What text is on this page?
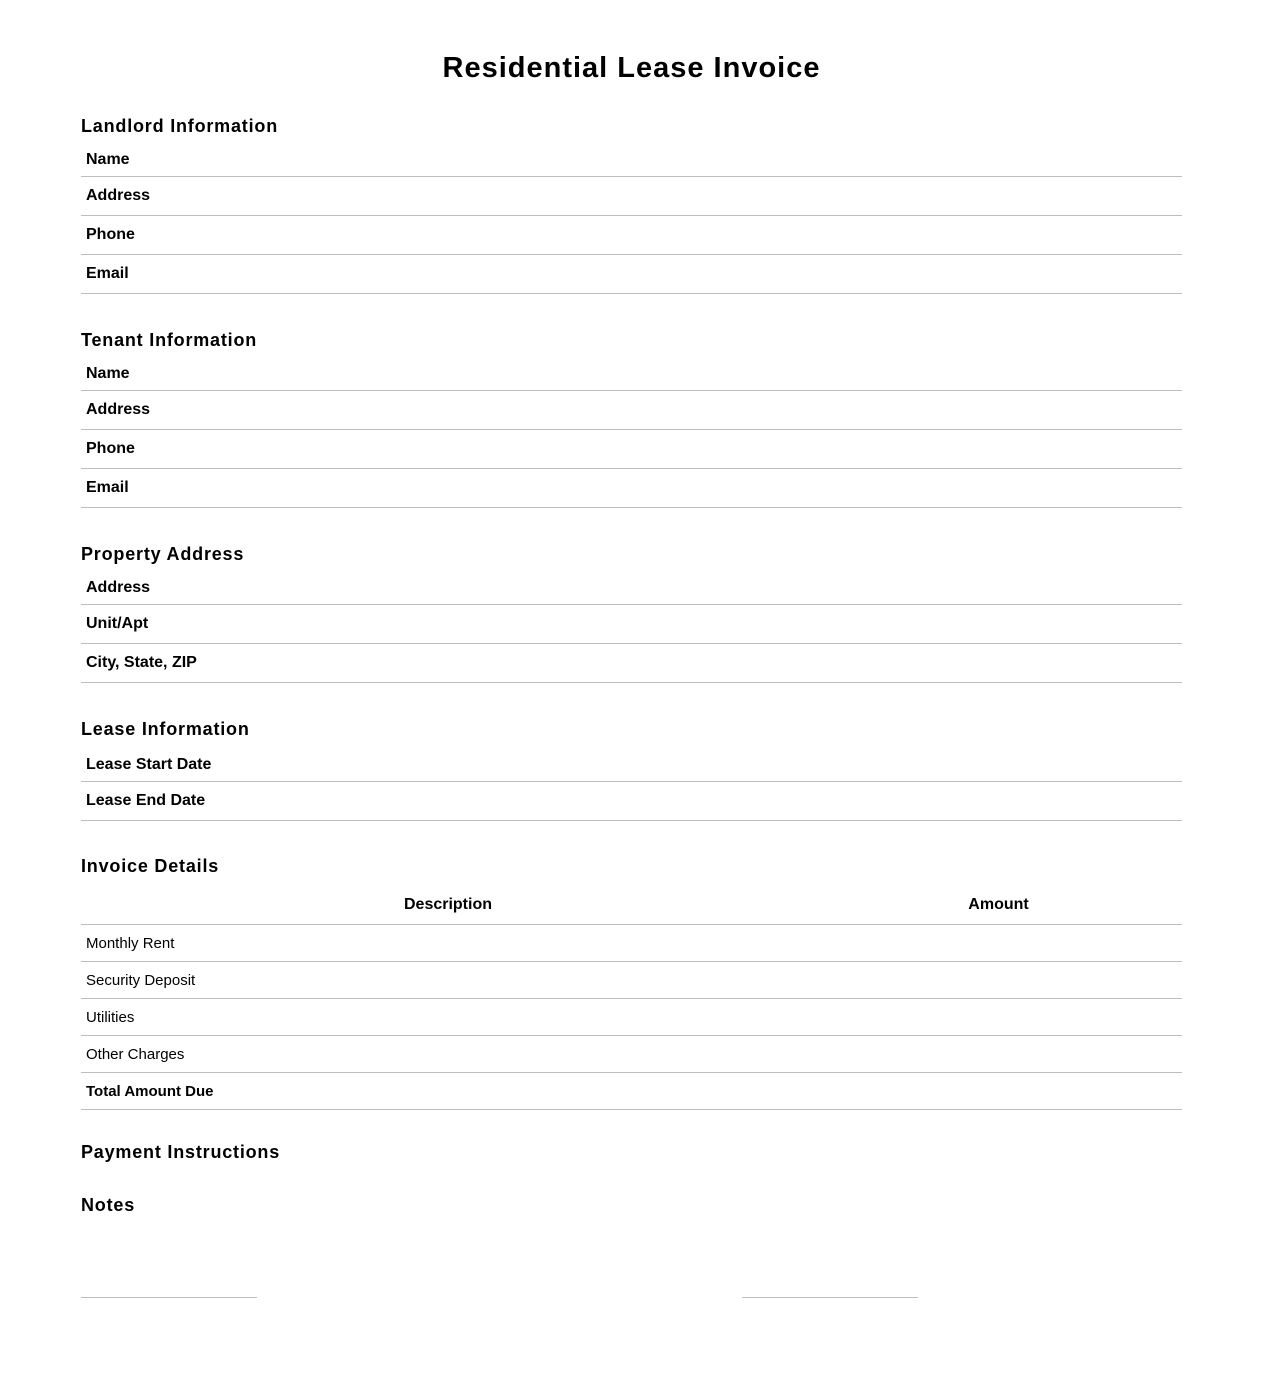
Residential Lease Invoice
Landlord Information
Name
Address
Phone
Email
Tenant Information
Name
Address
Phone
Email
Property Address
Address
Unit/Apt
City, State, ZIP
Lease Information
Lease Start Date
Lease End Date
Invoice Details
Description	Amount
Monthly Rent	
Security Deposit	
Utilities	
Other Charges	
Total Amount Due	
Payment Instructions
Notes
